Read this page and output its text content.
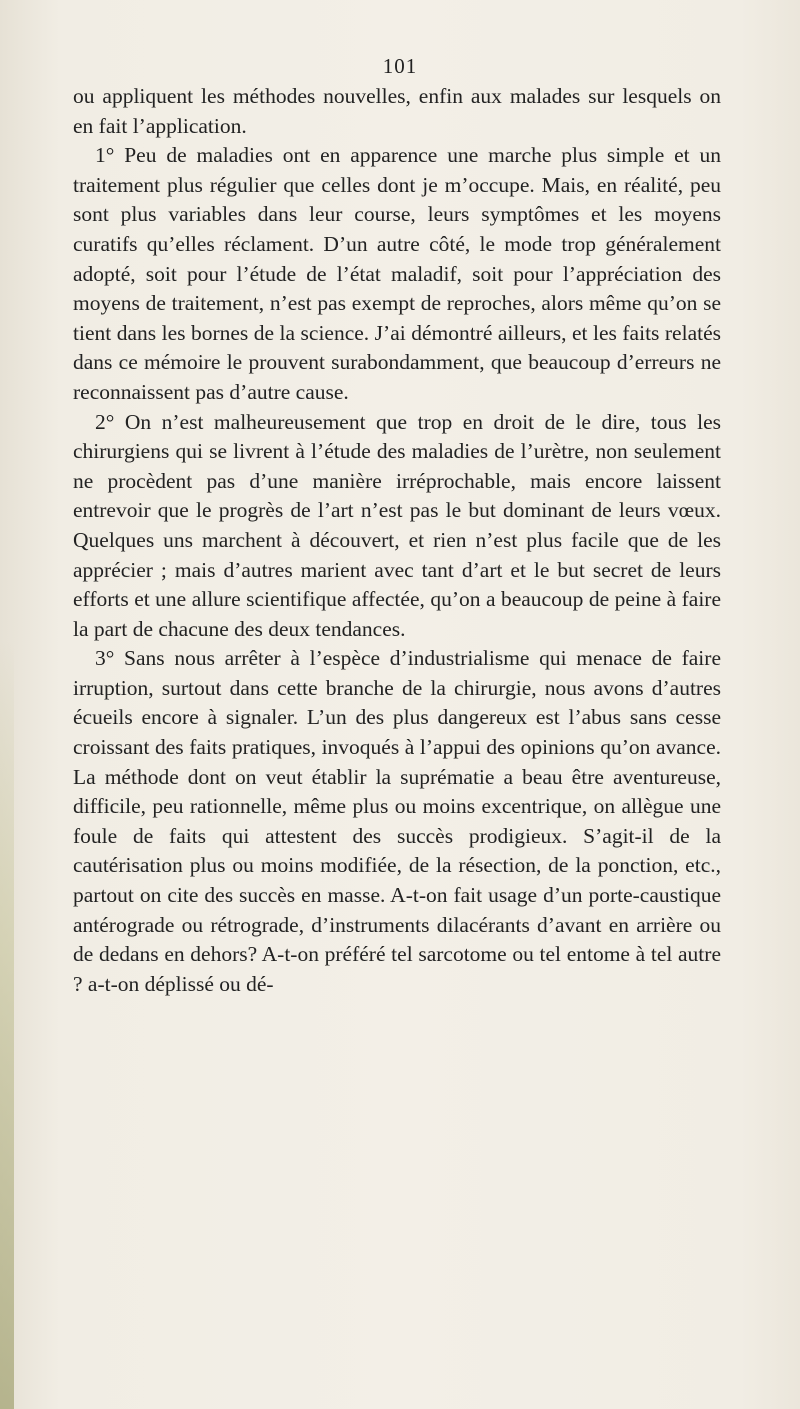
101

ou appliquent les méthodes nouvelles, enfin aux malades sur lesquels on en fait l’application.

1° Peu de maladies ont en apparence une marche plus simple et un traitement plus régulier que celles dont je m’occupe. Mais, en réalité, peu sont plus variables dans leur course, leurs symptômes et les moyens curatifs qu’elles réclament. D’un autre côté, le mode trop généralement adopté, soit pour l’étude de l’état maladif, soit pour l’appréciation des moyens de traitement, n’est pas exempt de reproches, alors même qu’on se tient dans les bornes de la science. J’ai démontré ailleurs, et les faits relatés dans ce mémoire le prouvent surabondamment, que beaucoup d’erreurs ne reconnaissent pas d’autre cause.

2° On n’est malheureusement que trop en droit de le dire, tous les chirurgiens qui se livrent à l’étude des maladies de l’urètre, non seulement ne procèdent pas d’une manière irréprochable, mais encore laissent entrevoir que le progrès de l’art n’est pas le but dominant de leurs vœux. Quelques uns marchent à découvert, et rien n’est plus facile que de les apprécier ; mais d’autres marient avec tant d’art et le but secret de leurs efforts et une allure scientifique affectée, qu’on a beaucoup de peine à faire la part de chacune des deux tendances.

3° Sans nous arrêter à l’espèce d’industrialisme qui menace de faire irruption, surtout dans cette branche de la chirurgie, nous avons d’autres écueils encore à signaler. L’un des plus dangereux est l’abus sans cesse croissant des faits pratiques, invoqués à l’appui des opinions qu’on avance. La méthode dont on veut établir la suprématie a beau être aventureuse, difficile, peu rationnelle, même plus ou moins excentrique, on allègue une foule de faits qui attestent des succès prodigieux. S’agit-il de la cautérisation plus ou moins modifiée, de la résection, de la ponction, etc., partout on cite des succès en masse. A-t-on fait usage d’un porte-caustique antérograde ou rétrograde, d’instruments dilacérants d’avant en arrière ou de dedans en dehors? A-t-on préféré tel sarcotome ou tel entome à tel autre ? a-t-on déplissé ou dé-
